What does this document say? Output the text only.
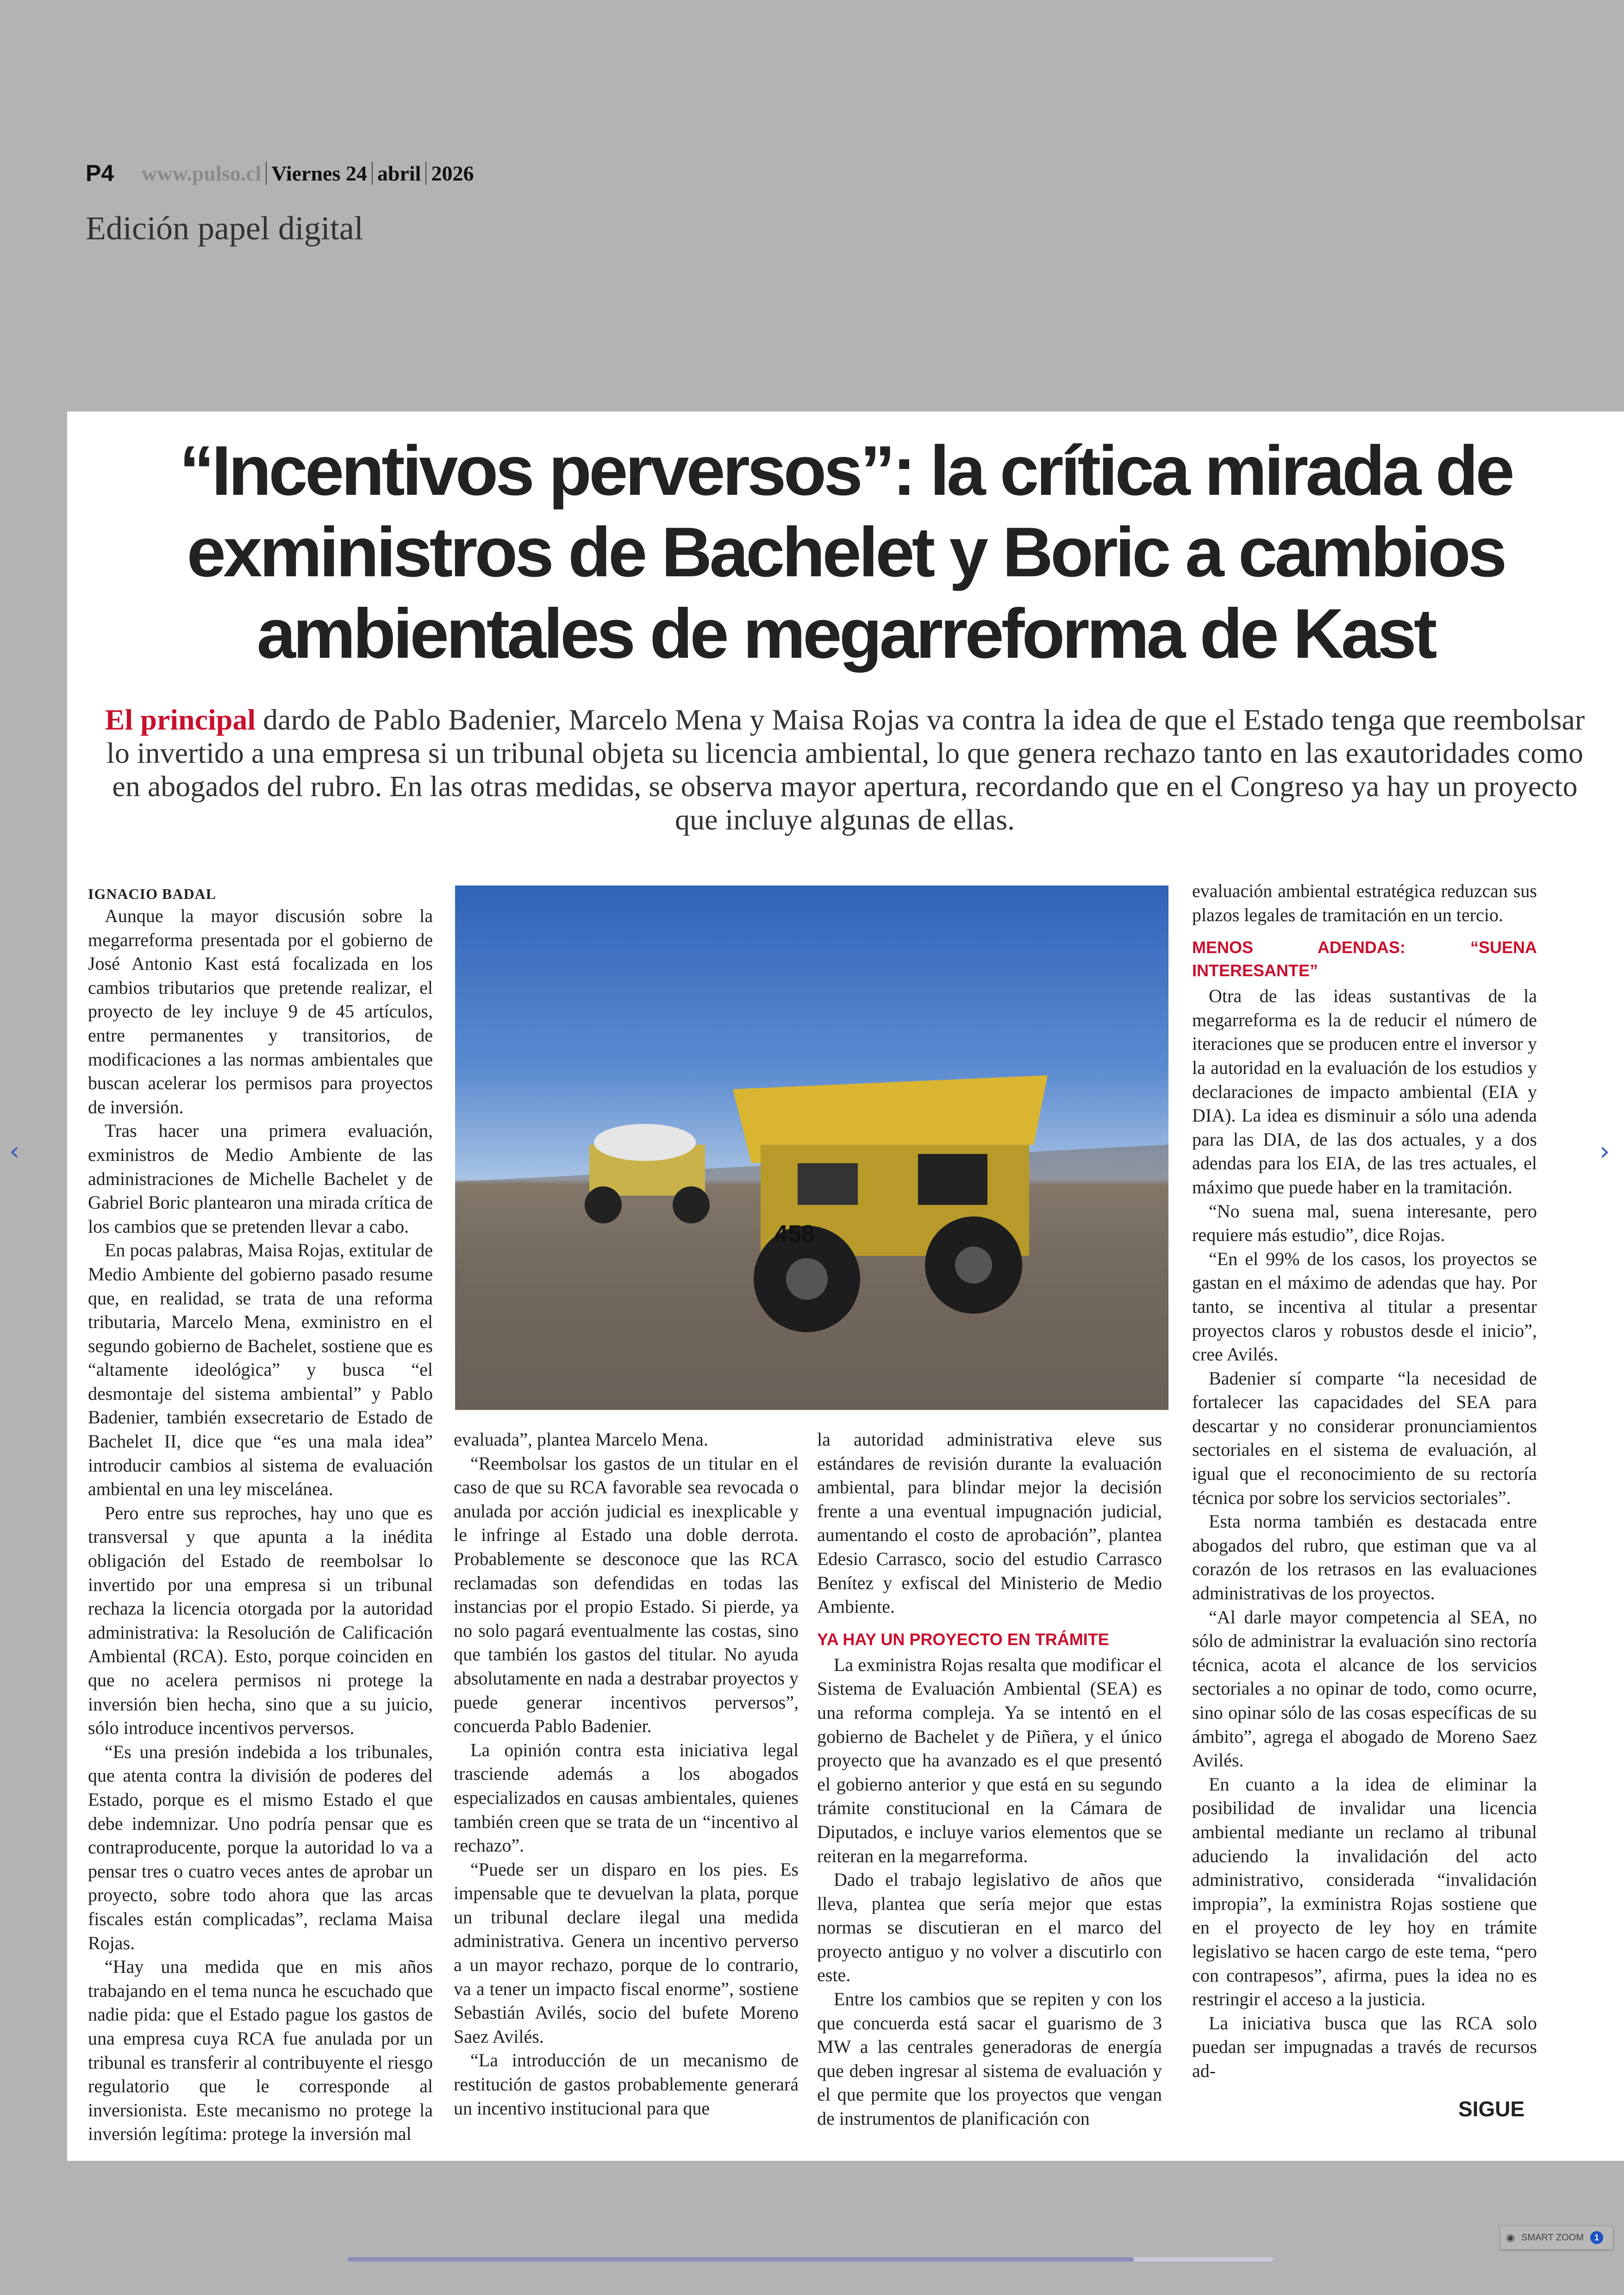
P4 www.pulso.cl Viernes 24 abril 2026
Edición papel digital
“Incentivos perversos”: la crítica mirada de
exministros de Bachelet y Boric a cambios
ambientales de megarreforma de Kast
El principal dardo de Pablo Badenier, Marcelo Mena y Maisa Rojas va contra la idea de que el Estado tenga que reembolsar lo invertido a una empresa si un tribunal objeta su licencia ambiental, lo que genera rechazo tanto en las exautoridades como en abogados del rubro. En las otras medidas, se observa mayor apertura, recordando que en el Congreso ya hay un proyecto que incluye algunas de ellas.
IGNACIO BADAL

Aunque la mayor discusión sobre la megarreforma presentada por el gobierno de José Antonio Kast está focalizada en los cambios tributarios que pretende realizar, el proyecto de ley incluye 9 de 45 artículos, entre permanentes y transitorios, de modificaciones a las normas ambientales que buscan acelerar los permisos para proyectos de inversión.

Tras hacer una primera evaluación, exministros de Medio Ambiente de las administraciones de Michelle Bachelet y de Gabriel Boric plantearon una mirada crítica de los cambios que se pretenden llevar a cabo.

En pocas palabras, Maisa Rojas, extitular de Medio Ambiente del gobierno pasado resume que, en realidad, se trata de una reforma tributaria, Marcelo Mena, exministro en el segundo gobierno de Bachelet, sostiene que es “altamente ideológica” y busca “el desmontaje del sistema ambiental” y Pablo Badenier, también exsecretario de Estado de Bachelet II, dice que “es una mala idea” introducir cambios al sistema de evaluación ambiental en una ley miscelánea.

Pero entre sus reproches, hay uno que es transversal y que apunta a la inédita obligación del Estado de reembolsar lo invertido por una empresa si un tribunal rechaza la licencia otorgada por la autoridad administrativa: la Resolución de Calificación Ambiental (RCA). Esto, porque coinciden en que no acelera permisos ni protege la inversión bien hecha, sino que a su juicio, sólo introduce incentivos perversos.

“Es una presión indebida a los tribunales, que atenta contra la división de poderes del Estado, porque es el mismo Estado el que debe indemnizar. Uno podría pensar que es contraproducente, porque la autoridad lo va a pensar tres o cuatro veces antes de aprobar un proyecto, sobre todo ahora que las arcas fiscales están complicadas”, reclama Maisa Rojas.

“Hay una medida que en mis años trabajando en el tema nunca he escuchado que nadie pida: que el Estado pague los gastos de una empresa cuya RCA fue anulada por un tribunal es transferir al contribuyente el riesgo regulatorio que le corresponde al inversionista. Este mecanismo no protege la inversión legítima: protege la inversión mal

458

evaluada”, plantea Marcelo Mena.

“Reembolsar los gastos de un titular en el caso de que su RCA favorable sea revocada o anulada por acción judicial es inexplicable y le infringe al Estado una doble derrota. Probablemente se desconoce que las RCA reclamadas son defendidas en todas las instancias por el propio Estado. Si pierde, ya no solo pagará eventualmente las costas, sino que también los gastos del titular. No ayuda absolutamente en nada a destrabar proyectos y puede generar incentivos perversos”, concuerda Pablo Badenier.

La opinión contra esta iniciativa legal trasciende además a los abogados especializados en causas ambientales, quienes también creen que se trata de un “incentivo al rechazo”.

“Puede ser un disparo en los pies. Es impensable que te devuelvan la plata, porque un tribunal declare ilegal una medida administrativa. Genera un incentivo perverso a un mayor rechazo, porque de lo contrario, va a tener un impacto fiscal enorme”, sostiene Sebastián Avilés, socio del bufete Moreno Saez Avilés.

“La introducción de un mecanismo de restitución de gastos probablemente generará un incentivo institucional para que

la autoridad administrativa eleve sus estándares de revisión durante la evaluación ambiental, para blindar mejor la decisión frente a una eventual impugnación judicial, aumentando el costo de aprobación”, plantea Edesio Carrasco, socio del estudio Carrasco Benítez y exfiscal del Ministerio de Medio Ambiente.

YA HAY UN PROYECTO EN TRÁMITE

La exministra Rojas resalta que modificar el Sistema de Evaluación Ambiental (SEA) es una reforma compleja. Ya se intentó en el gobierno de Bachelet y de Piñera, y el único proyecto que ha avanzado es el que presentó el gobierno anterior y que está en su segundo trámite constitucional en la Cámara de Diputados, e incluye varios elementos que se reiteran en la megarreforma.

Dado el trabajo legislativo de años que lleva, plantea que sería mejor que estas normas se discutieran en el marco del proyecto antiguo y no volver a discutirlo con este.

Entre los cambios que se repiten y con los que concuerda está sacar el guarismo de 3 MW a las centrales generadoras de energía que deben ingresar al sistema de evaluación y el que permite que los proyectos que vengan de instrumentos de planificación con

evaluación ambiental estratégica reduzcan sus plazos legales de tramitación en un tercio.

MENOS ADENDAS: “SUENA INTERESANTE”

Otra de las ideas sustantivas de la megarreforma es la de reducir el número de iteraciones que se producen entre el inversor y la autoridad en la evaluación de los estudios y declaraciones de impacto ambiental (EIA y DIA). La idea es disminuir a sólo una adenda para las DIA, de las dos actuales, y a dos adendas para los EIA, de las tres actuales, el máximo que puede haber en la tramitación.

“No suena mal, suena interesante, pero requiere más estudio”, dice Rojas.

“En el 99% de los casos, los proyectos se gastan en el máximo de adendas que hay. Por tanto, se incentiva al titular a presentar proyectos claros y robustos desde el inicio”, cree Avilés.

Badenier sí comparte “la necesidad de fortalecer las capacidades del SEA para descartar y no considerar pronunciamientos sectoriales en el sistema de evaluación, al igual que el reconocimiento de su rectoría técnica por sobre los servicios sectoriales”.

Esta norma también es destacada entre abogados del rubro, que estiman que va al corazón de los retrasos en las evaluaciones administrativas de los proyectos.

“Al darle mayor competencia al SEA, no sólo de administrar la evaluación sino rectoría técnica, acota el alcance de los servicios sectoriales a no opinar de todo, como ocurre, sino opinar sólo de las cosas específicas de su ámbito”, agrega el abogado de Moreno Saez Avilés.

En cuanto a la idea de eliminar la posibilidad de invalidar una licencia ambiental mediante un reclamo al tribunal aduciendo la invalidación del acto administrativo, considerada “invalidación impropia”, la exministra Rojas sostiene que en el proyecto de ley hoy en trámite legislativo se hacen cargo de este tema, “pero con contrapesos”, afirma, pues la idea no es restringir el acceso a la justicia.

La iniciativa busca que las RCA solo puedan ser impugnadas a través de recursos ad-

SIGUE
‹	›
◉ SMART ZOOM	1
